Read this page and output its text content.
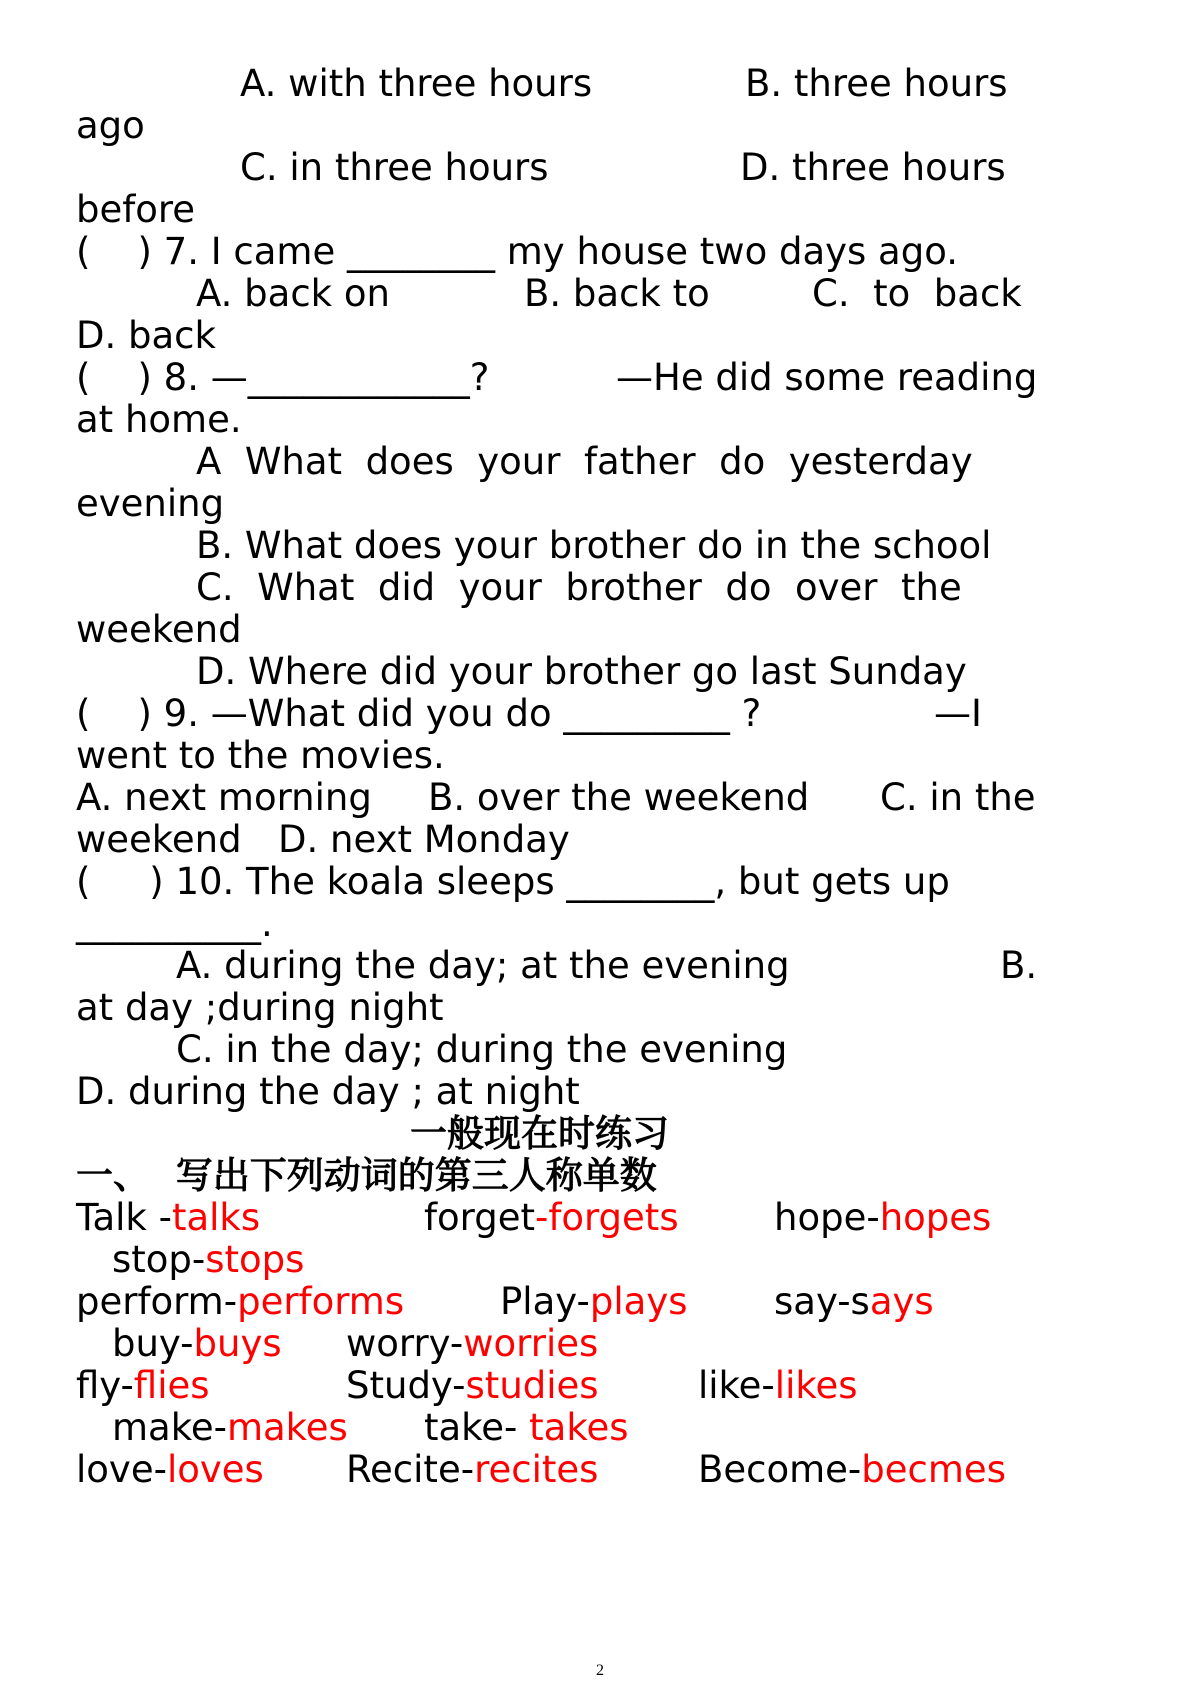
A. with three hours	B. three hours
ago
C. in three hours	D. three hours
before
(    ) 7. I came ________ my house two days ago.
A. back on	B. back to	C.  to  back
D. back
(    ) 8. —____________?	—He did some reading
at home.
A  What  does  your  father  do  yesterday
evening
B. What does your brother do in the school
C.  What  did  your  brother  do  over  the
weekend
D. Where did your brother go last Sunday
(    ) 9. —What did you do _________ ?	—I
went to the movies.
A. next morning B. over the weekend C. in the
weekend D. next Monday
(     ) 10. The koala sleeps ________, but gets up
__________.
A. during the day; at the evening	B.
at day ;during night
C. in the day; during the evening
D. during the day ; at night
一般现在时练习
一、  写出下列动词的第三人称单数
Talk -talks	forget-forgets	hope-hopes
stop-stops
perform-performs	Play-plays say-says
buy-buys worry-worries
fly-flies	Study-studies	like-likes
make-makes take- takes
love-loves Recite-recites	Become-becmes
2
